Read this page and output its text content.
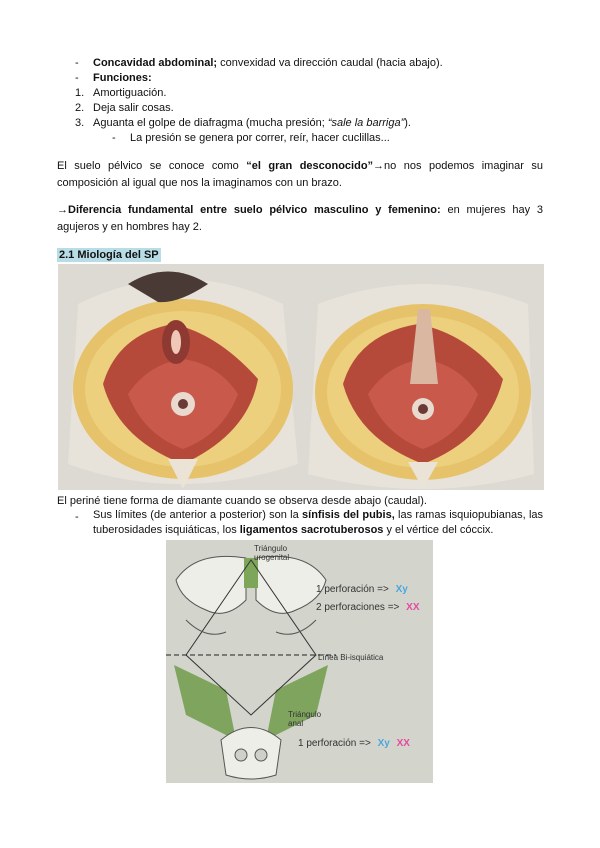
- Concavidad abdominal; convexidad va dirección caudal (hacia abajo).
- Funciones:
1. Amortiguación.
2. Deja salir cosas.
3. Aguanta el golpe de diafragma (mucha presión; “sale la barriga”).
- La presión se genera por correr, reír, hacer cuclillas...
El suelo pélvico se conoce como “el gran desconocido”→no nos podemos imaginar su composición al igual que nos la imaginamos con un brazo.
→Diferencia fundamental entre suelo pélvico masculino y femenino: en mujeres hay 3 agujeros y en hombres hay 2.
2.1 Miología del SP
El periné tiene forma de diamante cuando se observa desde abajo (caudal).
- Sus límites (de anterior a posterior) son la sínfisis del pubis, las ramas isquiopubianas, las tuberosidades isquiáticas, los ligamentos sacrotuberosos y el vértice del cóccix.
Triángulo urogenital
1 perforación => Xy
2 perforaciones => XX
Línea Bi-isquiática
Triángulo anal
1 perforación => Xy XX
